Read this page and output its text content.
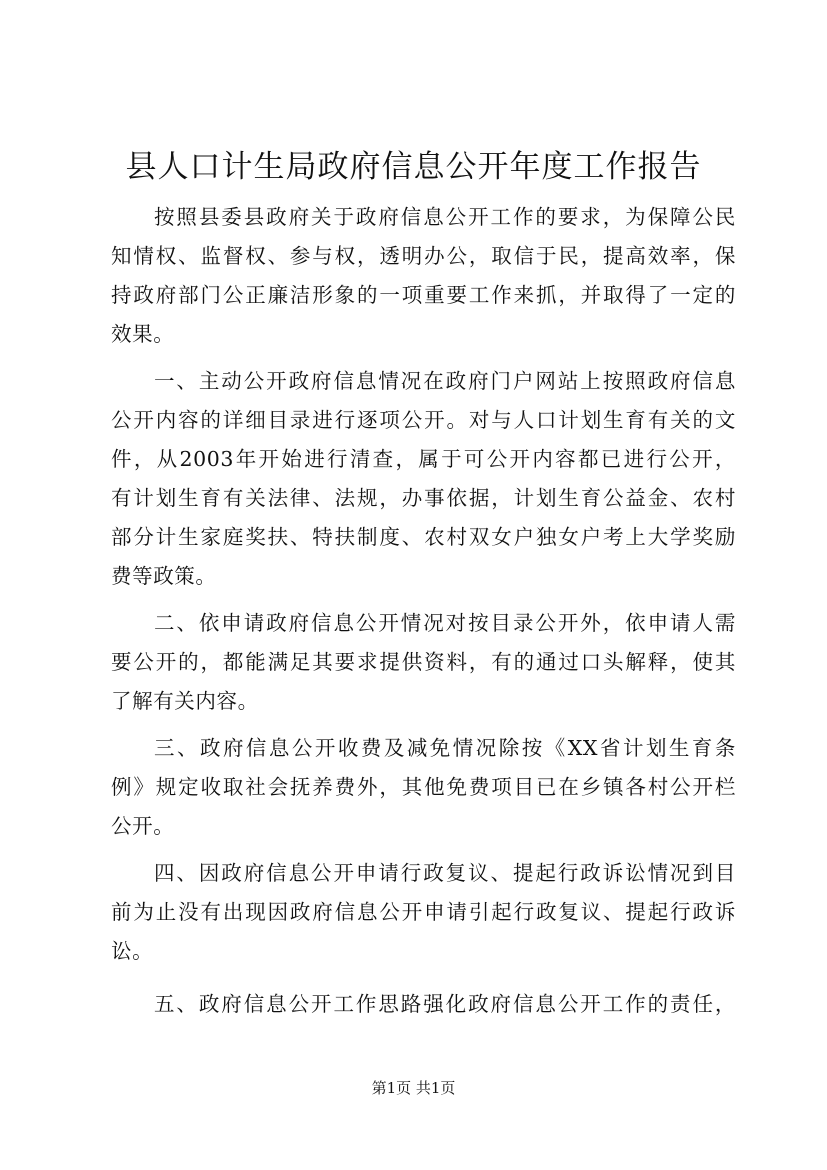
县人口计生局政府信息公开年度工作报告
按照县委县政府关于政府信息公开工作的要求，为保障公民
知情权、监督权、参与权，透明办公，取信于民，提高效率，保
持政府部门公正廉洁形象的一项重要工作来抓，并取得了一定的
效果。
一、主动公开政府信息情况在政府门户网站上按照政府信息
公开内容的详细目录进行逐项公开。对与人口计划生育有关的文
件，从2003年开始进行清查，属于可公开内容都已进行公开，
有计划生育有关法律、法规，办事依据，计划生育公益金、农村
部分计生家庭奖扶、特扶制度、农村双女户独女户考上大学奖励
费等政策。
二、依申请政府信息公开情况对按目录公开外，依申请人需
要公开的，都能满足其要求提供资料，有的通过口头解释，使其
了解有关内容。
三、政府信息公开收费及减免情况除按《XX省计划生育条
例》规定收取社会抚养费外，其他免费项目已在乡镇各村公开栏
公开。
四、因政府信息公开申请行政复议、提起行政诉讼情况到目
前为止没有出现因政府信息公开申请引起行政复议、提起行政诉
讼。
五、政府信息公开工作思路强化政府信息公开工作的责任，
第1页 共1页
